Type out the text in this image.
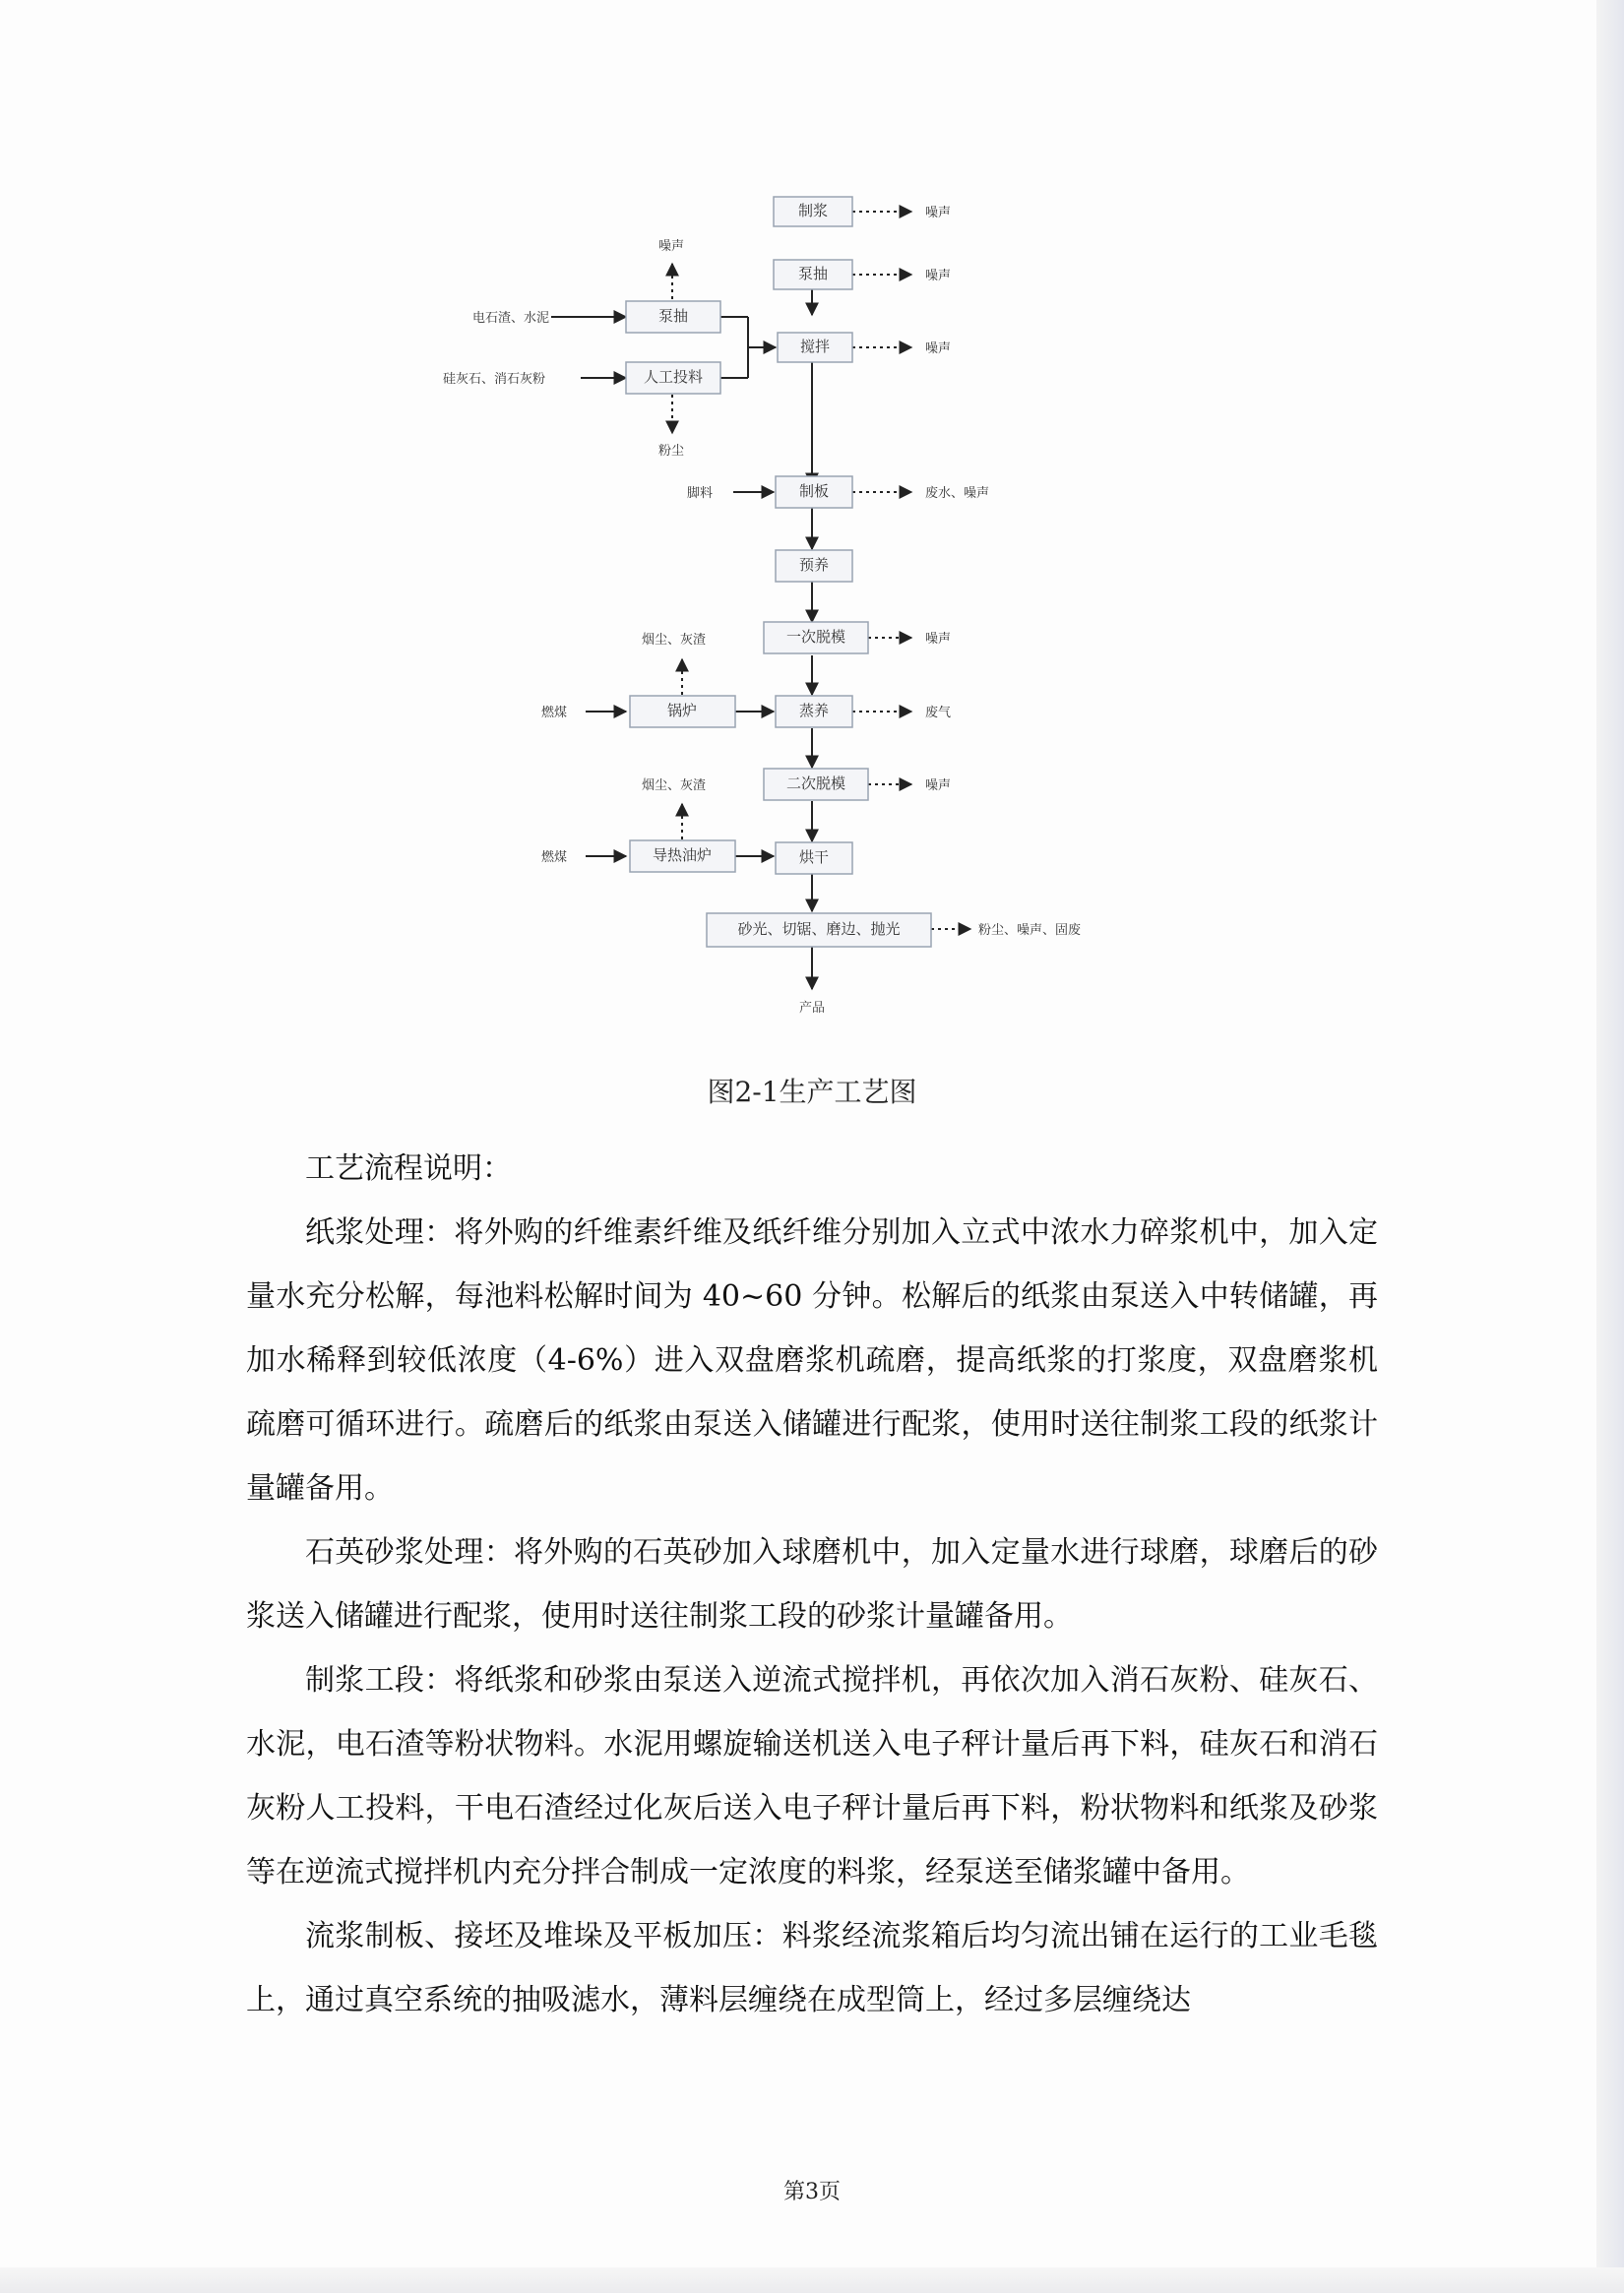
制浆
泵抽
搅拌
泵抽
人工投料
制板
预养
一次脱模
锅炉	蒸养
二次脱模
导热油炉	烘干
砂光、切锯、磨边、抛光
噪声
噪声
噪声
噪声
电石渣、水泥
硅灰石、消石灰粉
粉尘
脚料	废水、噪声
烟尘、灰渣	噪声
燃煤	废气
烟尘、灰渣	噪声
燃煤
粉尘、噪声、固废
产品
图2-1生产工艺图

工艺流程说明：

纸浆处理：将外购的纤维素纤维及纸纤维分别加入立式中浓水力碎浆机中，加入定量水充分松解，每池料松解时间为 40~60 分钟。松解后的纸浆由泵送入中转储罐，再加水稀释到较低浓度（4-6%）进入双盘磨浆机疏磨，提高纸浆的打浆度，双盘磨浆机疏磨可循环进行。疏磨后的纸浆由泵送入储罐进行配浆，使用时送往制浆工段的纸浆计量罐备用。

石英砂浆处理：将外购的石英砂加入球磨机中，加入定量水进行球磨，球磨后的砂浆送入储罐进行配浆，使用时送往制浆工段的砂浆计量罐备用。

制浆工段：将纸浆和砂浆由泵送入逆流式搅拌机，再依次加入消石灰粉、硅灰石、水泥，电石渣等粉状物料。水泥用螺旋输送机送入电子秤计量后再下料，硅灰石和消石灰粉人工投料，干电石渣经过化灰后送入电子秤计量后再下料，粉状物料和纸浆及砂浆等在逆流式搅拌机内充分拌合制成一定浓度的料浆，经泵送至储浆罐中备用。

流浆制板、接坯及堆垛及平板加压：料浆经流浆箱后均匀流出铺在运行的工业毛毯上，通过真空系统的抽吸滤水，薄料层缠绕在成型筒上，经过多层缠绕达

第3页
